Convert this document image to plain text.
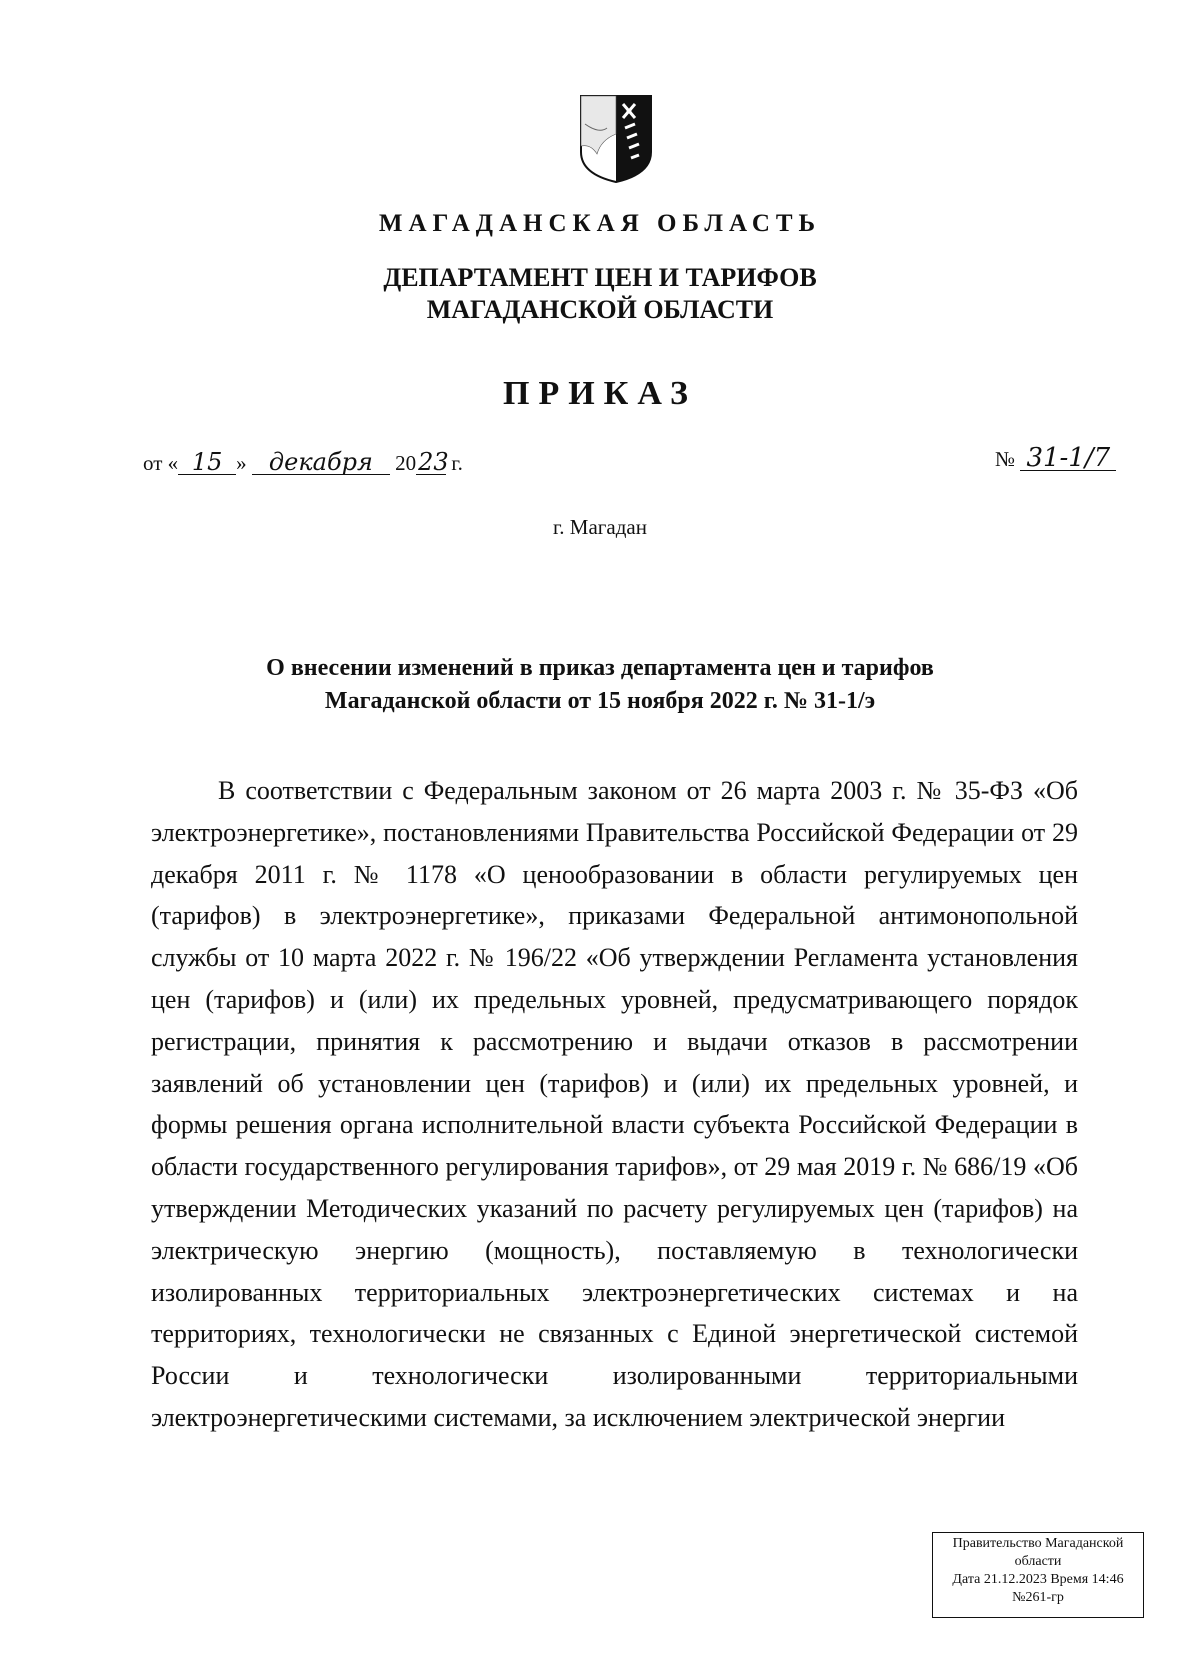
МАГАДАНСКАЯ ОБЛАСТЬ
ДЕПАРТАМЕНТ ЦЕН И ТАРИФОВ
МАГАДАНСКОЙ ОБЛАСТИ
ПРИКАЗ
от « 15 » декабря 2023 г.	№ 31-1/7
г. Магадан
О внесении изменений в приказ департамента цен и тарифов
Магаданской области от 15 ноября 2022 г. № 31-1/э

В соответствии с Федеральным законом от 26 марта 2003 г. № 35-ФЗ «Об электроэнергетике», постановлениями Правительства Российской Федерации от 29 декабря 2011 г. № 1178 «О ценообразовании в области регулируемых цен (тарифов) в электроэнергетике», приказами Федеральной антимонопольной службы от 10 марта 2022 г. № 196/22 «Об утверждении Регламента установления цен (тарифов) и (или) их предельных уровней, предусматривающего порядок регистрации, принятия к рассмотрению и выдачи отказов в рассмотрении заявлений об установлении цен (тарифов) и (или) их предельных уровней, и формы решения органа исполнительной власти субъекта Российской Федерации в области государственного регулирования тарифов», от 29 мая 2019 г. № 686/19 «Об утверждении Методических указаний по расчету регулируемых цен (тарифов) на электрическую энергию (мощность), поставляемую в технологически изолированных территориальных электроэнергетических системах и на территориях, технологически не связанных с Единой энергетической системой России и технологически изолированными территориальными электроэнергетическими системами, за исключением электрической энергии

Правительство Магаданской
области
Дата 21.12.2023 Время 14:46
№261-гр
